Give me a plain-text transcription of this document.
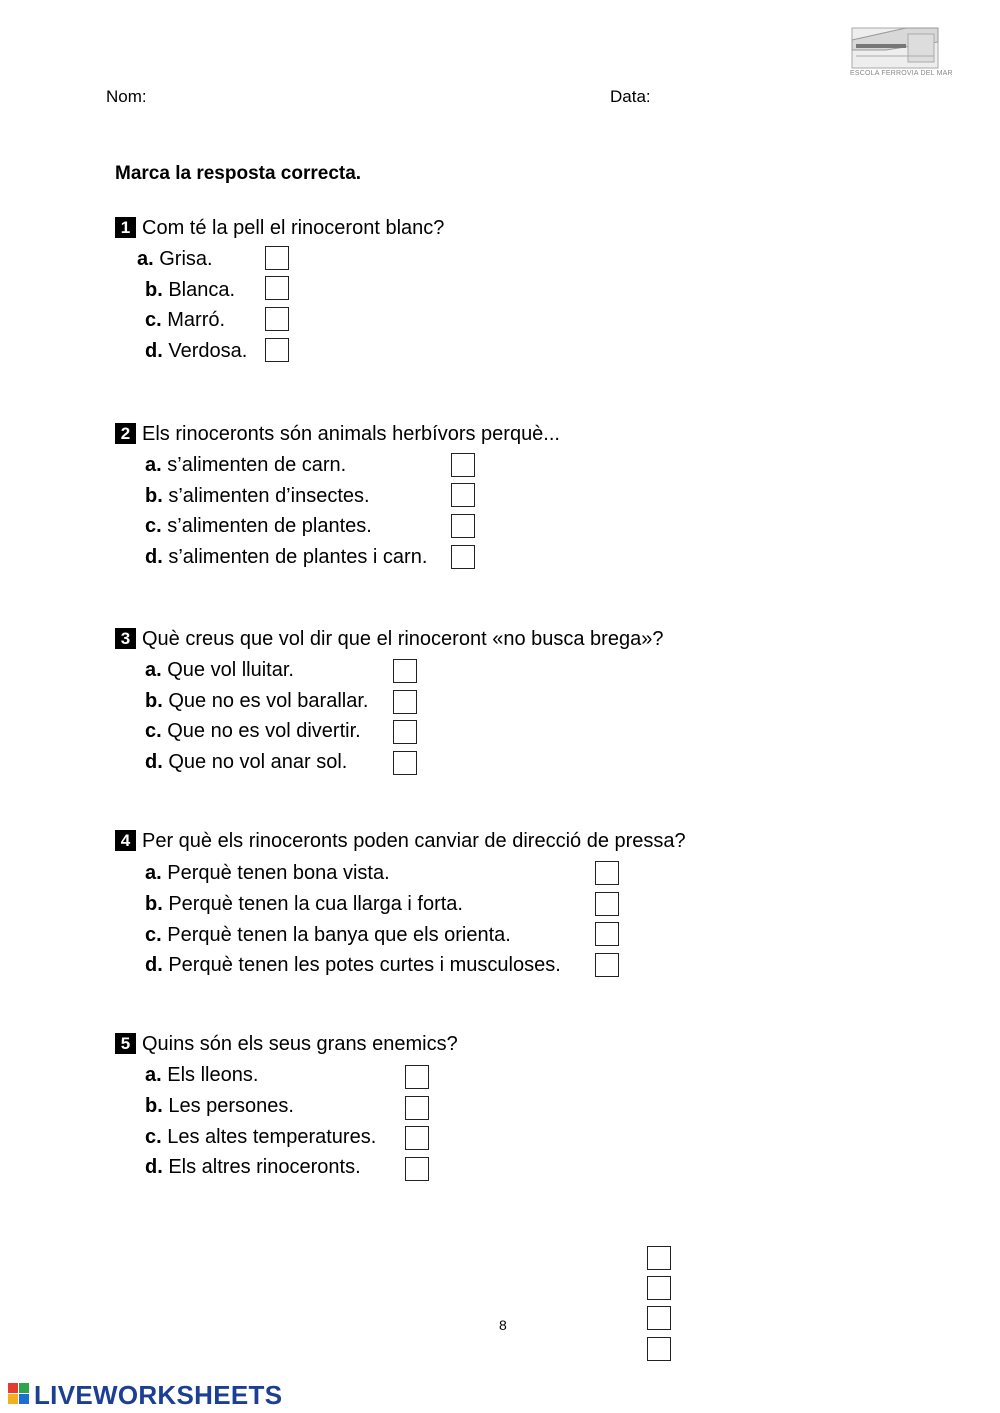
ESCOLA FERROVIA DEL MAR
Nom:	Data:
Marca la resposta correcta.
1 Com té la pell el rinoceront blanc?
a. Grisa.
b. Blanca.
c. Marró.
d. Verdosa.
2 Els rinoceronts són animals herbívors perquè...
a. s’alimenten de carn.
b. s’alimenten d’insectes.
c. s’alimenten de plantes.
d. s’alimenten de plantes i carn.
3 Què creus que vol dir que el rinoceront «no busca brega»?
a. Que vol lluitar.
b. Que no es vol barallar.
c. Que no es vol divertir.
d. Que no vol anar sol.
4 Per què els rinoceronts poden canviar de direcció de pressa?
a. Perquè tenen bona vista.
b. Perquè tenen la cua llarga i forta.
c. Perquè tenen la banya que els orienta.
d. Perquè tenen les potes curtes i musculoses.
5 Quins són els seus grans enemics?
a. Els lleons.
b. Les persones.
c. Les altes temperatures.
d. Els altres rinoceronts.
8
LIVEWORKSHEETS
